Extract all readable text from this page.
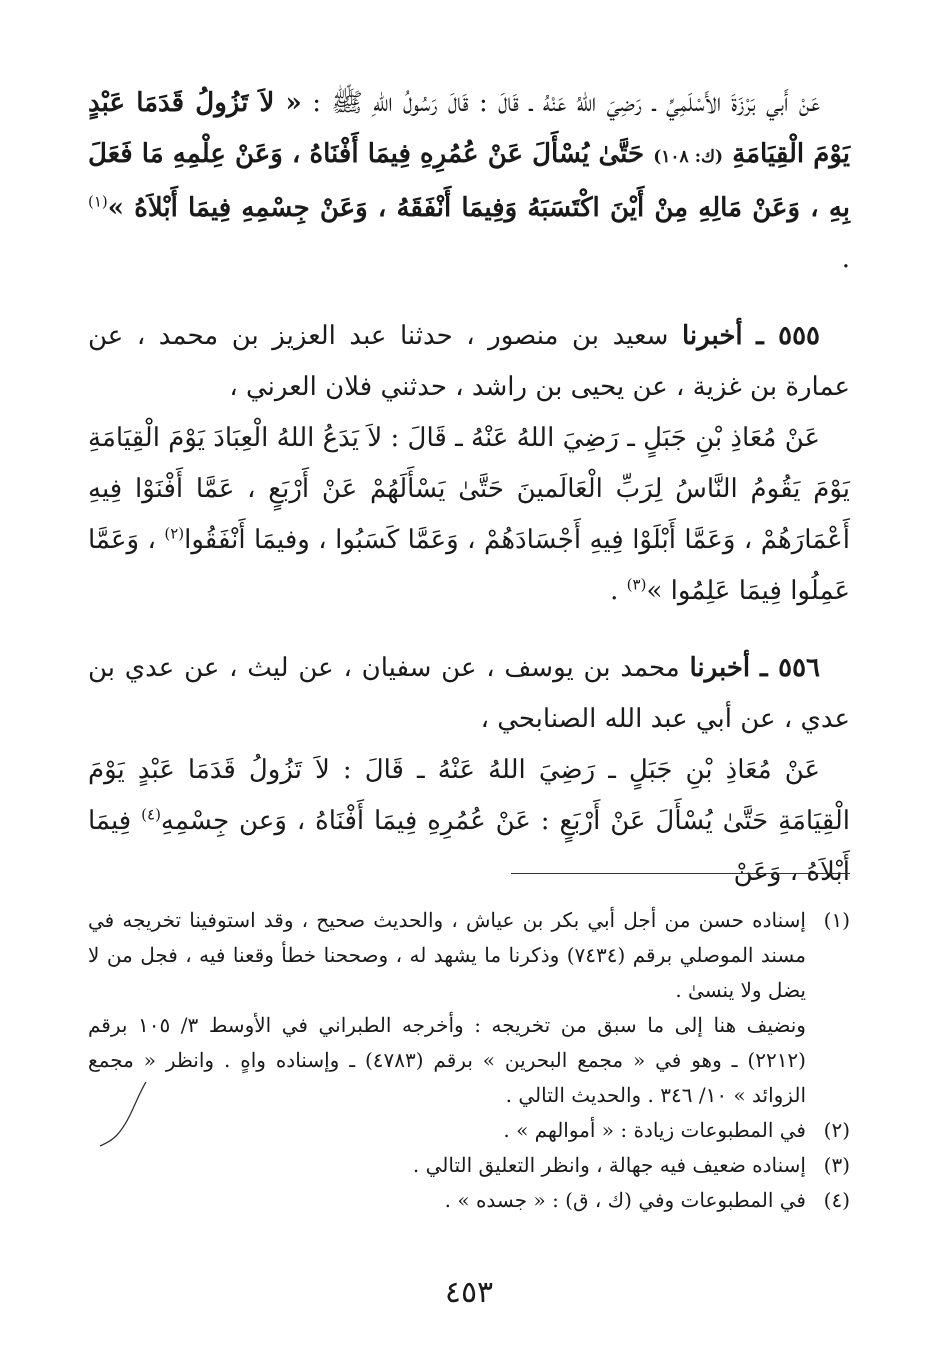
عَنْ أَبي بَرْزَةَ الأَسْلَمِيِّ ـ رَضِيَ اللهُ عَنْهُ ـ قَالَ : قَالَ رَسُولُ اللهِ ﷺ : « لاَ تَزُولُ قَدَمَا عَبْدٍ يَوْمَ الْقِيَامَةِ (ك: ١٠٨) حَتَّىٰ يُسْأَلَ عَنْ عُمُرِهِ فِيمَا أَفْنَاهُ ، وَعَنْ عِلْمِهِ مَا فَعَلَ بِهِ ، وَعَنْ مَالِهِ مِنْ أَيْنَ اكْتَسَبَهُ وَفِيمَا أَنْفَقَهُ ، وَعَنْ جِسْمِهِ فِيمَا أَبْلاَهُ »$^{(١)}$ .

٥٥٥ ـ أخبرنا سعيد بن منصور ، حدثنا عبد العزيز بن محمد ، عن عمارة بن غزية ، عن يحيى بن راشد ، حدثني فلان العرني ،

عَنْ مُعَاذِ بْنِ جَبَلٍ ـ رَضِيَ اللهُ عَنْهُ ـ قَالَ : لاَ يَدَعُ اللهُ الْعِبَادَ يَوْمَ الْقِيَامَةِ يَوْمَ يَقُومُ النَّاسُ لِرَبِّ الْعَالَمينَ حَتَّىٰ يَسْأَلَهُمْ عَنْ أَرْبَعٍ ، عَمَّا أَفْنَوْا فِيهِ أَعْمَارَهُمْ ، وَعَمَّا أَبْلَوْا فِيهِ أَجْسَادَهُمْ ، وَعَمَّا كَسَبُوا ، وفيمَا أَنْفَقُوا$^{(٢)}$ ، وَعَمَّا عَمِلُوا فِيمَا عَلِمُوا »$^{(٣)}$ .

٥٥٦ ـ أخبرنا محمد بن يوسف ، عن سفيان ، عن ليث ، عن عدي بن عدي ، عن أبي عبد الله الصنابحي ،

عَنْ مُعَاذِ بْنِ جَبَلٍ ـ رَضِيَ اللهُ عَنْهُ ـ قَالَ : لاَ تَزُولُ قَدَمَا عَبْدٍ يَوْمَ الْقِيَامَةِ حَتَّىٰ يُسْأَلَ عَنْ أَرْبَعٍ : عَنْ عُمُرِهِ فِيمَا أَفْنَاهُ ، وَعن جِسْمِهِ$^{(٤)}$ فِيمَا أَبْلاَهُ ، وَعَنْ

(١)

إسناده حسن من أجل أبي بكر بن عياش ، والحديث صحيح ، وقد استوفينا تخريجه في مسند الموصلي برقم (٧٤٣٤) وذكرنا ما يشهد له ، وصححنا خطأ وقعنا فيه ، فجل من لا يضل ولا ينسىٰ .

ونضيف هنا إلى ما سبق من تخريجه : وأخرجه الطبراني في الأوسط ٣/ ١٠٥ برقم (٢٢١٢) ـ وهو في « مجمع البحرين » برقم (٤٧٨٣) ـ وإسناده واهٍ . وانظر « مجمع الزوائد » ١٠/ ٣٤٦ . والحديث التالي .

(٢)

في المطبوعات زيادة : « أموالهم » .

(٣)

إسناده ضعيف فيه جهالة ، وانظر التعليق التالي .

(٤)

في المطبوعات وفي (ك ، ق) : « جسده » .

٤٥٣
